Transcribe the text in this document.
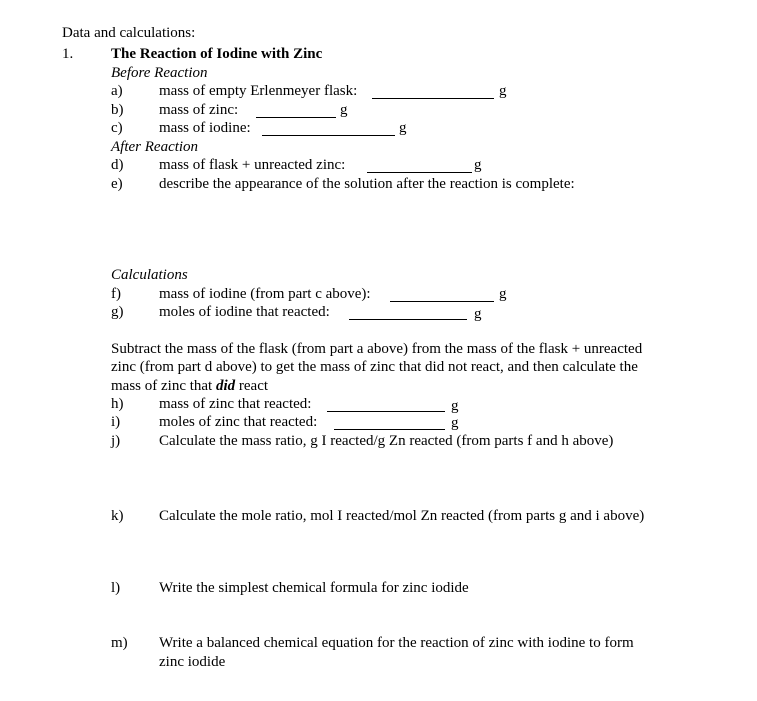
Data and calculations:
1.	The Reaction of Iodine with Zinc
Before Reaction
a) mass of empty Erlenmeyer flask:	g
b) mass of zinc:	g
c) mass of iodine:	g
After Reaction
d) mass of flask + unreacted zinc:	g
e) describe the appearance of the solution after the reaction is complete:
Calculations
f)	mass of iodine (from part c above):	g
g) moles of iodine that reacted:	g
Subtract the mass of the flask (from part a above) from the mass of the flask + unreacted
zinc (from part d above) to get the mass of zinc that did not react, and then calculate the
mass of zinc that did react
h) mass of zinc that reacted:	g
i)	moles of zinc that reacted:	g
j)	Calculate the mass ratio, g I reacted/g Zn reacted (from parts f and h above)
k) Calculate the mole ratio, mol I reacted/mol Zn reacted (from parts g and i above)
l)	Write the simplest chemical formula for zinc iodide
m) Write a balanced chemical equation for the reaction of zinc with iodine to form
zinc iodide
